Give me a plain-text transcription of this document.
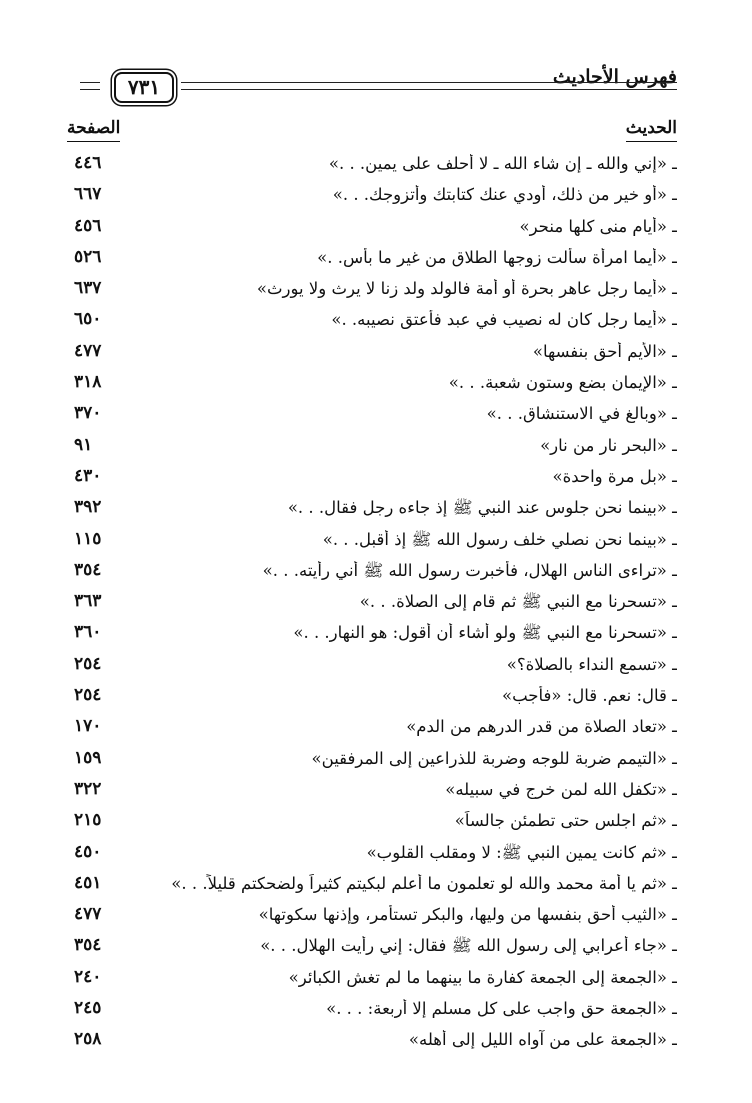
فهرس الأحاديث
٧٣١
الحديث
الصفحة
ـ «إني والله ـ إن شاء الله ـ لا أحلف على يمين. . .»
٤٤٦
ـ «أو خير من ذلك، أودي عنك كتابتك وأتزوجك. . .»
٦٦٧
ـ «أيام منى كلها منحر»
٤٥٦
ـ «أيما امرأة سألت زوجها الطلاق من غير ما بأس. .»
٥٢٦
ـ «أيما رجل عاهر بحرة أو أمة فالولد ولد زنا لا يرث ولا يورث»
٦٣٧
ـ «أيما رجل كان له نصيب في عبد فأعتق نصيبه. .»
٦٥٠
ـ «الأيم أحق بنفسها»
٤٧٧
ـ «الإيمان بضع وستون شعبة. . .»
٣١٨
ـ «وبالغ في الاستنشاق. . .»
٣٧٠
ـ «البحر نار من نار»
٩١
ـ «بل مرة واحدة»
٤٣٠
ـ «بينما نحن جلوس عند النبي ﷺ إذ جاءه رجل فقال. . .»
٣٩٢
ـ «بينما نحن نصلي خلف رسول الله ﷺ إذ أقبل. . .»
١١٥
ـ «تراءى الناس الهلال، فأخبرت رسول الله ﷺ أني رأيته. . .»
٣٥٤
ـ «تسحرنا مع النبي ﷺ ثم قام إلى الصلاة. . .»
٣٦٣
ـ «تسحرنا مع النبي ﷺ ولو أشاء أن أقول: هو النهار. . .»
٣٦٠
ـ «تسمع النداء بالصلاة؟»
٢٥٤
ـ قال: نعم. قال: «فأجب»
٢٥٤
ـ «تعاد الصلاة من قدر الدرهم من الدم»
١٧٠
ـ «التيمم ضربة للوجه وضربة للذراعين إلى المرفقين»
١٥٩
ـ «تكفل الله لمن خرج في سبيله»
٣٢٢
ـ «ثم اجلس حتى تطمئن جالساً»
٢١٥
ـ «ثم كانت يمين النبي ﷺ: لا ومقلب القلوب»
٤٥٠
ـ «ثم يا أمة محمد والله لو تعلمون ما أعلم لبكيتم كثيراً ولضحكتم قليلاً. . .»
٤٥١
ـ «الثيب أحق بنفسها من وليها، والبكر تستأمر، وإذنها سكوتها»
٤٧٧
ـ «جاء أعرابي إلى رسول الله ﷺ فقال: إني رأيت الهلال. . .»
٣٥٤
ـ «الجمعة إلى الجمعة كفارة ما بينهما ما لم تغش الكبائر»
٢٤٠
ـ «الجمعة حق واجب على كل مسلم إلا أربعة: . . .»
٢٤٥
ـ «الجمعة على من آواه الليل إلى أهله»
٢٥٨
